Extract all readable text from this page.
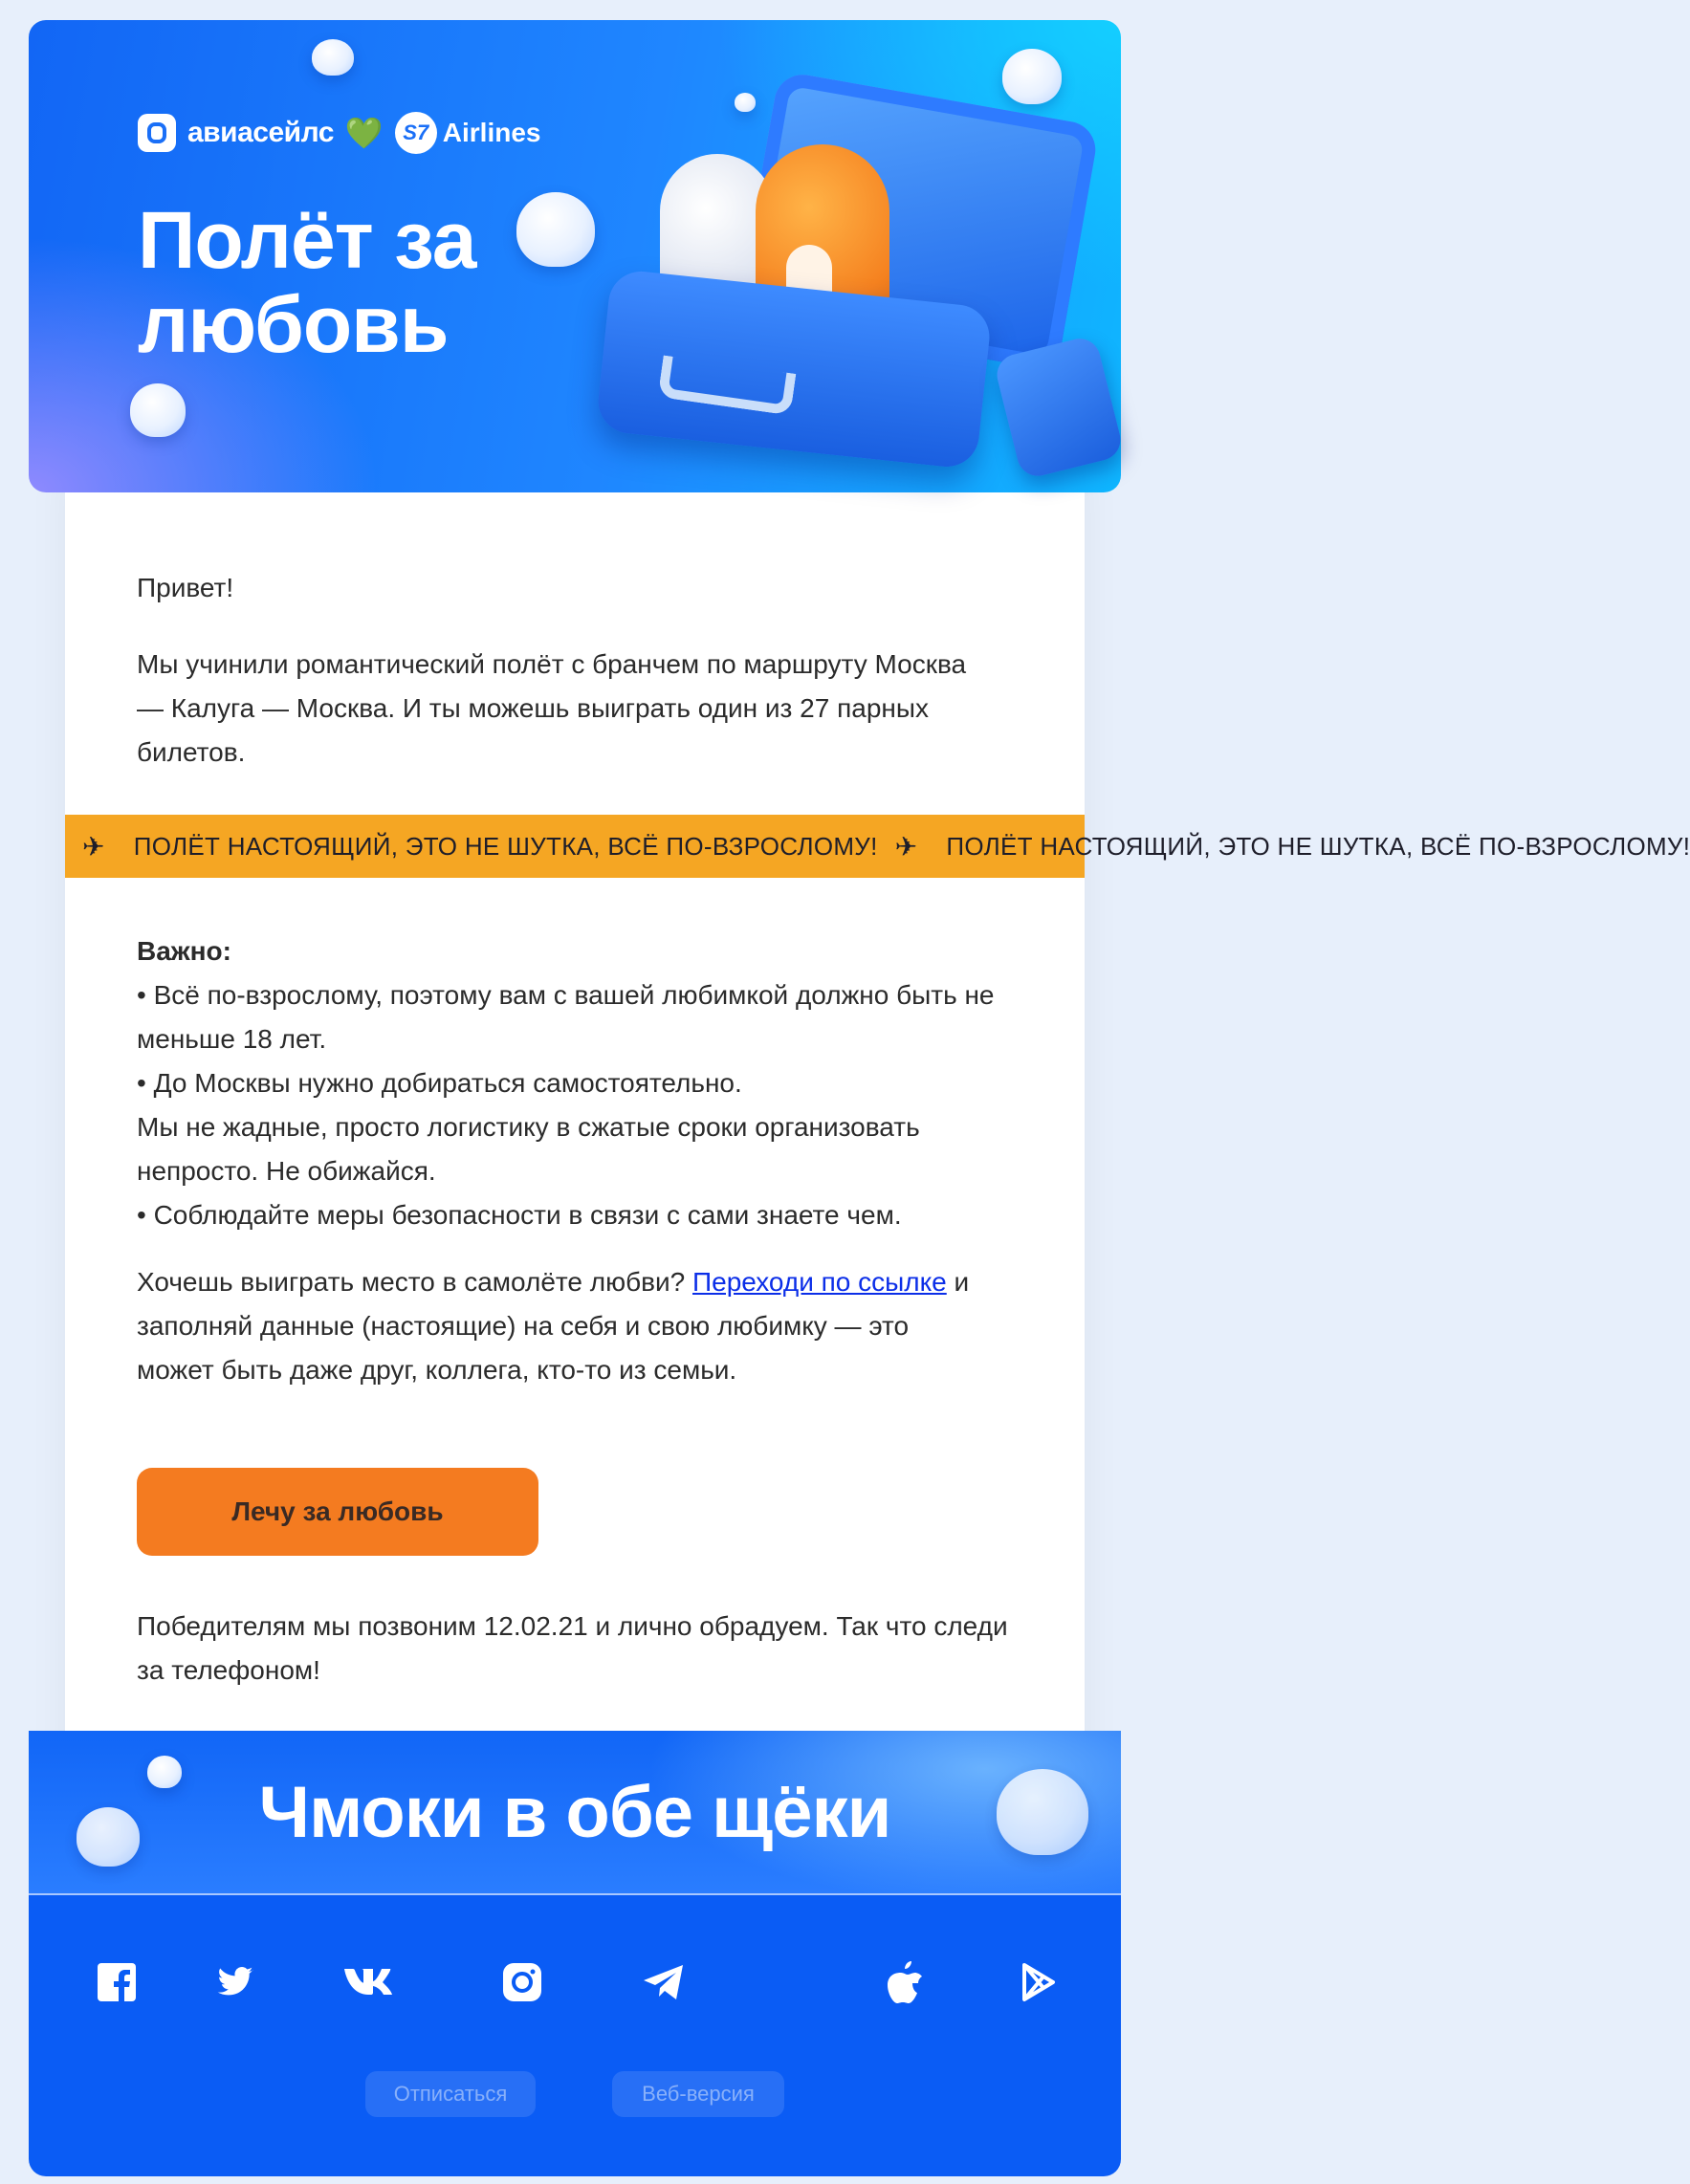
авиасейлс 💚 S7 Airlines
Полёт за любовь
Привет!
Мы учинили романтический полёт с бранчем по маршруту Москва — Калуга — Москва. И ты можешь выиграть один из 27 парных билетов.
✈ ПОЛЁТ НАСТОЯЩИЙ, ЭТО НЕ ШУТКА, ВСЁ ПО-ВЗРОСЛОМУ! ✈ ПОЛЁТ НАСТОЯЩИЙ, ЭТО НЕ ШУТКА, ВСЁ ПО-ВЗРОСЛОМУ!
Важно:
• Всё по-взрослому, поэтому вам с вашей любимкой должно быть не меньше 18 лет.
• До Москвы нужно добираться самостоятельно.
Мы не жадные, просто логистику в сжатые сроки организовать непросто. Не обижайся.
• Соблюдайте меры безопасности в связи с сами знаете чем.
Хочешь выиграть место в самолёте любви? Переходи по ссылке и заполняй данные (настоящие) на себя и свою любимку — это может быть даже друг, коллега, кто-то из семьи.
Лечу за любовь
Победителям мы позвоним 12.02.21 и лично обрадуем. Так что следи за телефоном!
Чмоки в обе щёки
Отписаться	Веб-версия
